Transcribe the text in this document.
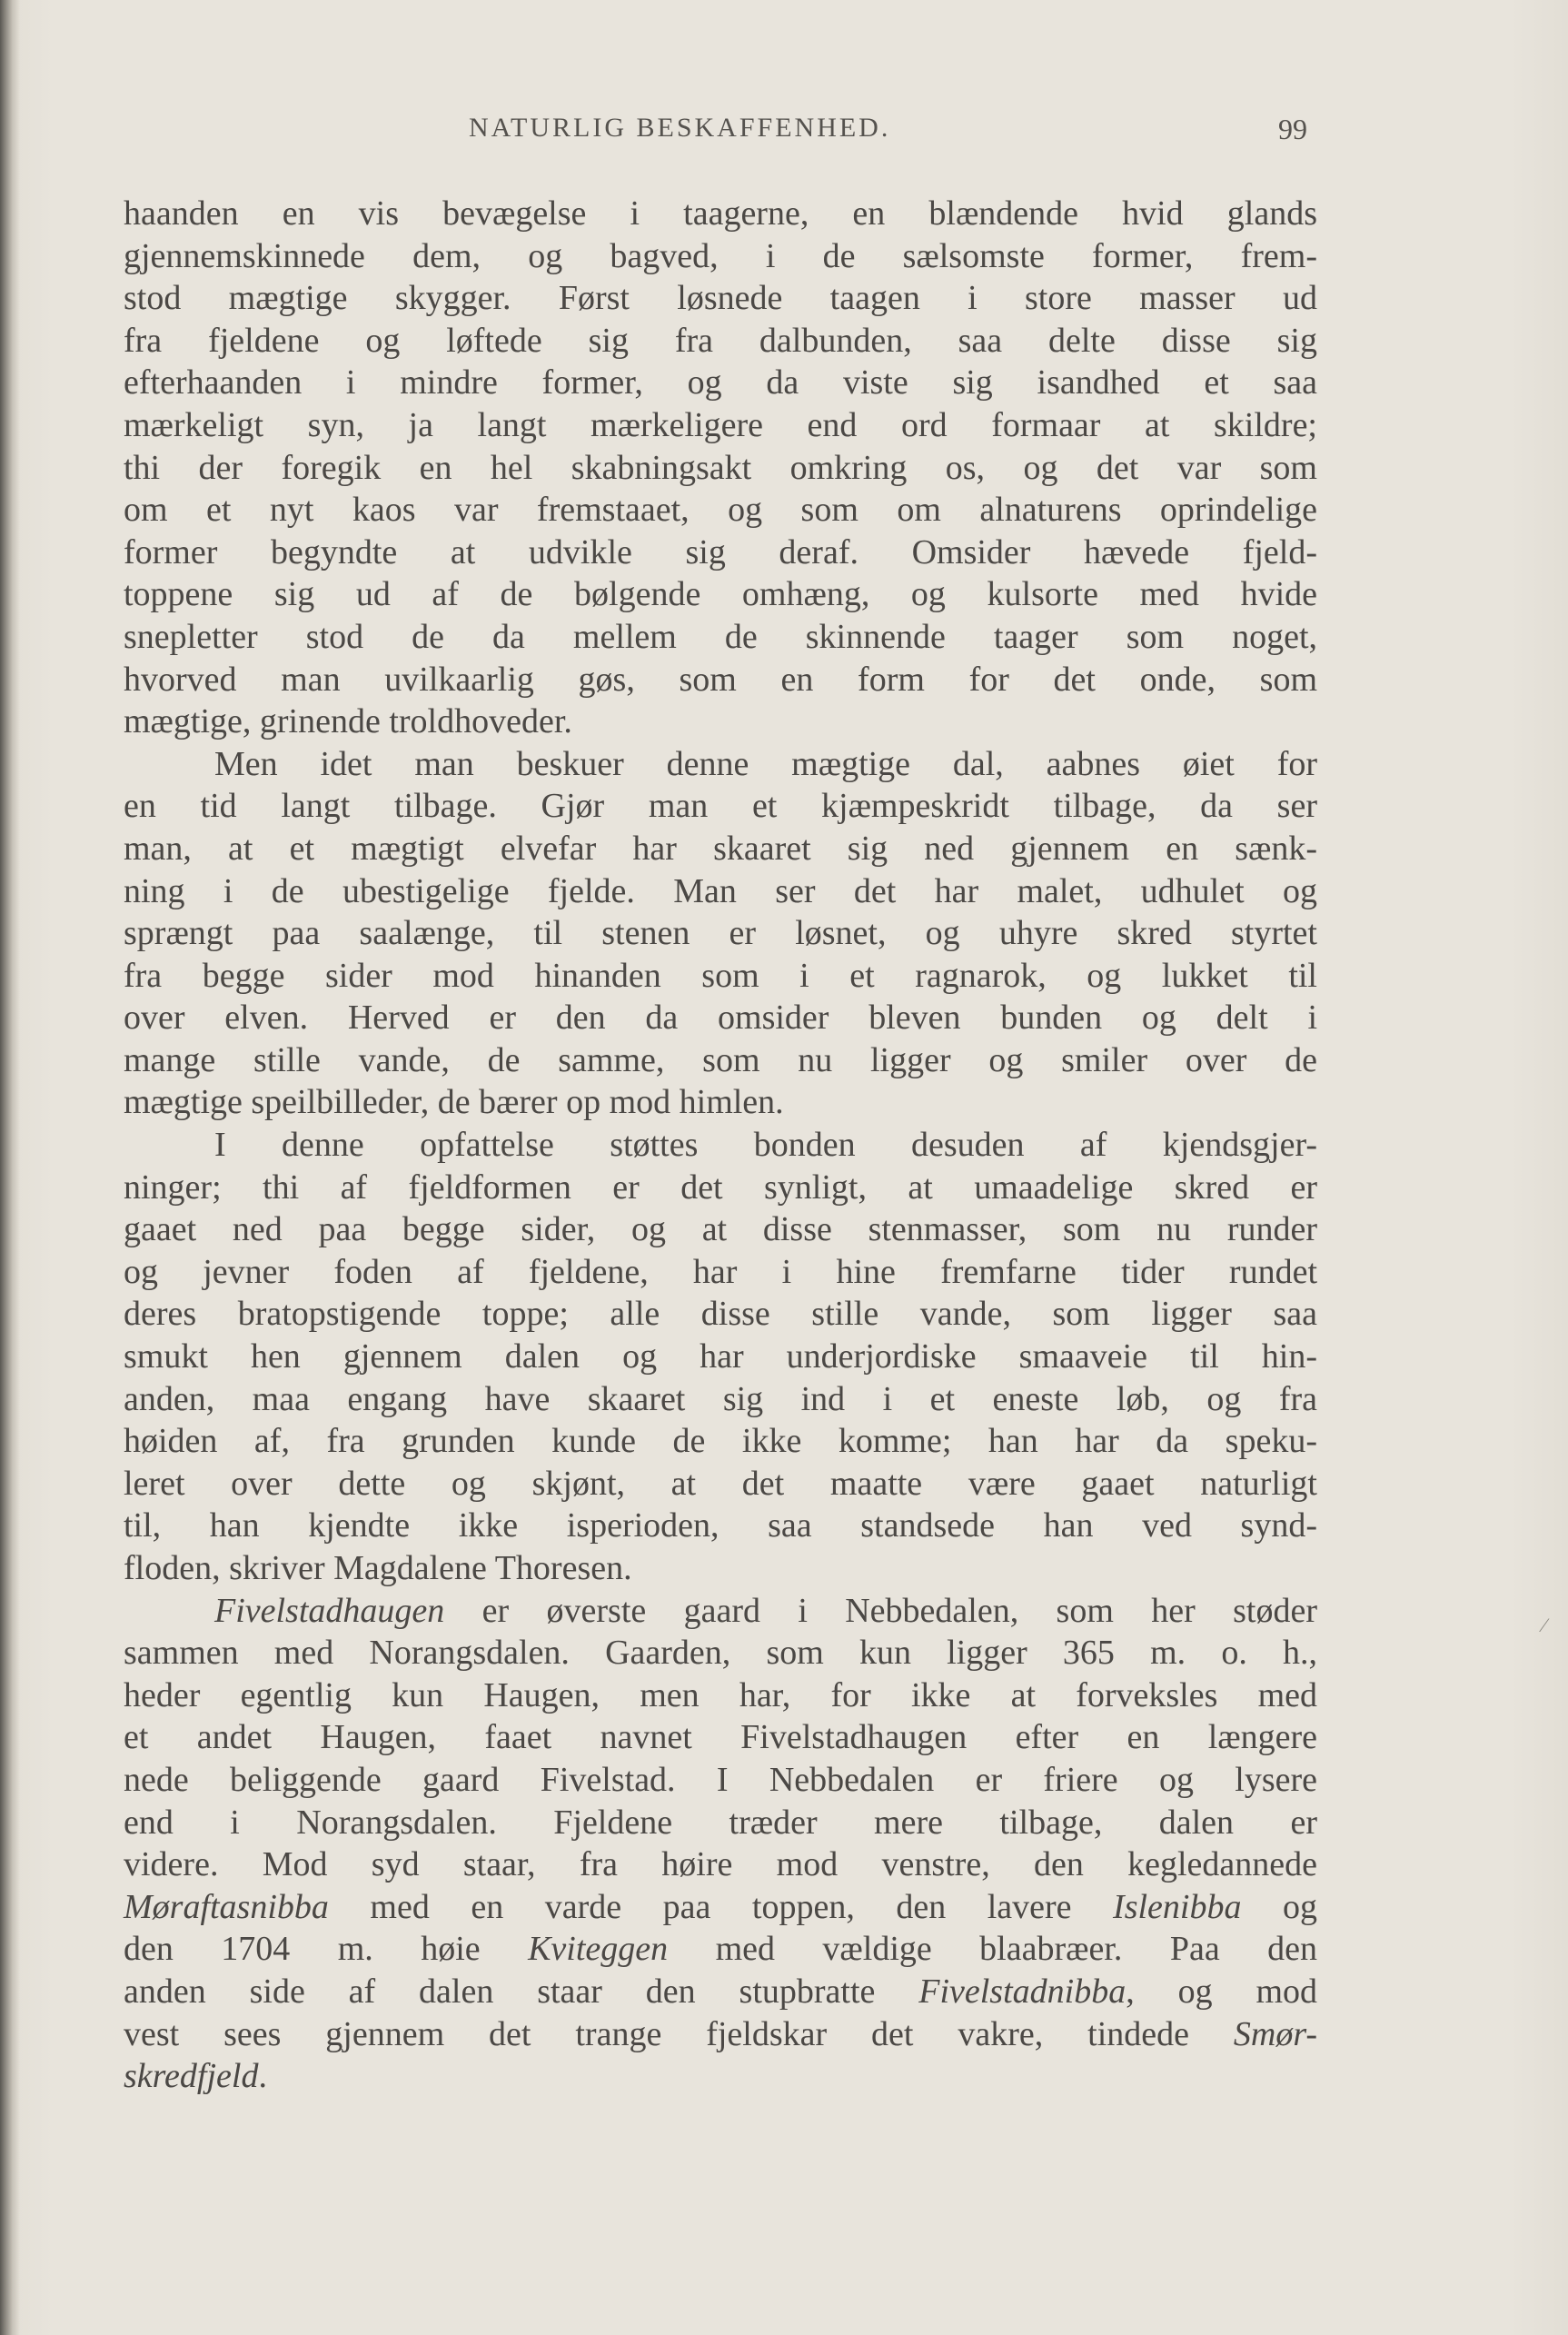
NATURLIG BESKAFFENHED.	99
haanden en vis bevægelse i taagerne, en blændende hvid glands
gjennemskinnede dem, og bagved, i de sælsomste former, frem-
stod mægtige skygger. Først løsnede taagen i store masser ud
fra fjeldene og løftede sig fra dalbunden, saa delte disse sig
efterhaanden i mindre former, og da viste sig isandhed et saa
mærkeligt syn, ja langt mærkeligere end ord formaar at skildre;
thi der foregik en hel skabningsakt omkring os, og det var som
om et nyt kaos var fremstaaet, og som om alnaturens oprindelige
former begyndte at udvikle sig deraf. Omsider hævede fjeld-
toppene sig ud af de bølgende omhæng, og kulsorte med hvide
snepletter stod de da mellem de skinnende taager som noget,
hvorved man uvilkaarlig gøs, som en form for det onde, som
mægtige, grinende troldhoveder.
Men idet man beskuer denne mægtige dal, aabnes øiet for
en tid langt tilbage. Gjør man et kjæmpeskridt tilbage, da ser
man, at et mægtigt elvefar har skaaret sig ned gjennem en sænk-
ning i de ubestigelige fjelde. Man ser det har malet, udhulet og
sprængt paa saalænge, til stenen er løsnet, og uhyre skred styrtet
fra begge sider mod hinanden som i et ragnarok, og lukket til
over elven. Herved er den da omsider bleven bunden og delt i
mange stille vande, de samme, som nu ligger og smiler over de
mægtige speilbilleder, de bærer op mod himlen.
I denne opfattelse støttes bonden desuden af kjendsgjer-
ninger; thi af fjeldformen er det synligt, at umaadelige skred er
gaaet ned paa begge sider, og at disse stenmasser, som nu runder
og jevner foden af fjeldene, har i hine fremfarne tider rundet
deres bratopstigende toppe; alle disse stille vande, som ligger saa
smukt hen gjennem dalen og har underjordiske smaaveie til hin-
anden, maa engang have skaaret sig ind i et eneste løb, og fra
høiden af, fra grunden kunde de ikke komme; han har da speku-
leret over dette og skjønt, at det maatte være gaaet naturligt
til, han kjendte ikke isperioden, saa standsede han ved synd-
floden, skriver Magdalene Thoresen.
Fivelstadhaugen er øverste gaard i Nebbedalen, som her støder
sammen med Norangsdalen. Gaarden, som kun ligger 365 m. o. h.,
heder egentlig kun Haugen, men har, for ikke at forveksles med
et andet Haugen, faaet navnet Fivelstadhaugen efter en længere
nede beliggende gaard Fivelstad. I Nebbedalen er friere og lysere
end i Norangsdalen. Fjeldene træder mere tilbage, dalen er
videre. Mod syd staar, fra høire mod venstre, den kegledannede
Møraftasnibba med en varde paa toppen, den lavere Islenibba og
den 1704 m. høie Kviteggen med vældige blaabræer. Paa den
anden side af dalen staar den stupbratte Fivelstadnibba, og mod
vest sees gjennem det trange fjeldskar det vakre, tindede Smør-
skredfjeld.
⁄
